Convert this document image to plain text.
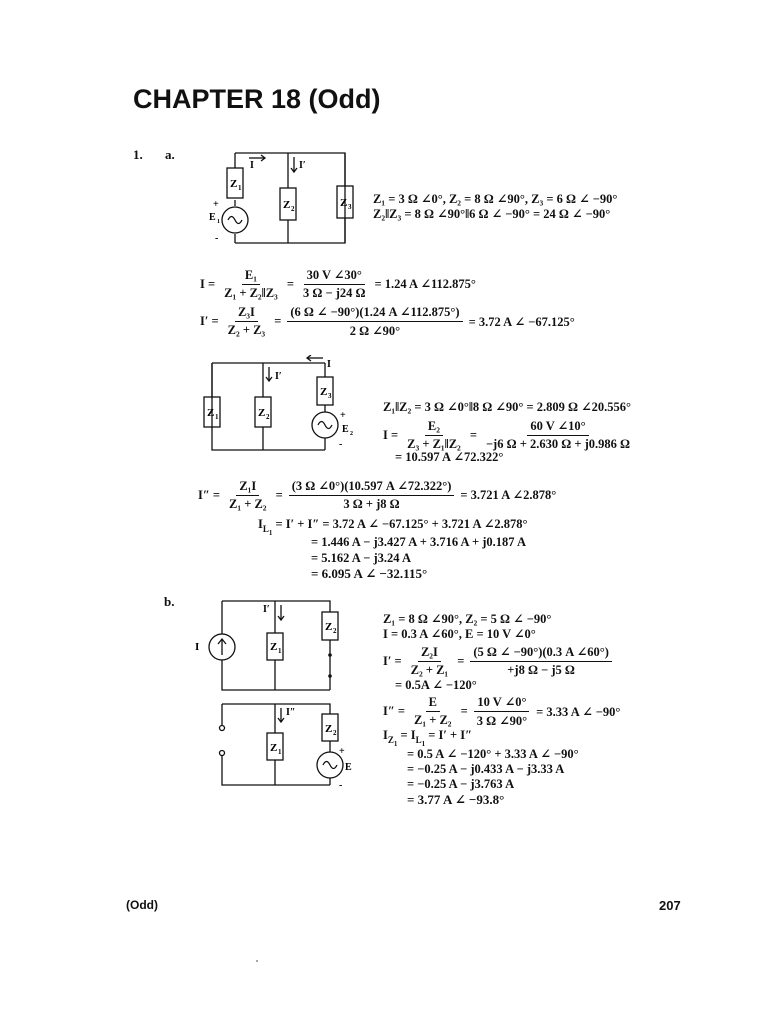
CHAPTER 18 (Odd)
1. a.
Z 1
Z 2	Z 3
I	I′
E 1
+
-
Z₁ = 3 Ω ∠0°, Z₂ = 8 Ω ∠90°, Z₃ = 6 Ω ∠ −90°
Z₂‖Z₃ = 8 Ω ∠90°‖6 Ω ∠ −90° = 24 Ω ∠ −90°
$I = \frac{\text{E₁}}{\text{Z₁ + Z₂‖Z₃}} = \frac{30 V \angle 30^\circ}{3 \Omega - j24 \Omega} = 1.24$ A ∠112.875°
$I' = \frac{\text{Z₃I}}{\text{Z₂ + Z₃}} = \frac{(6 \Omega \angle -90^\circ)(1.24 A \angle 112.875^\circ)}{2 \Omega \angle 90^\circ} = 3.72$ A ∠ −67.125°
Z 1	Z 2
Z 3
I′
I
E 2
+
-
Z₁‖Z₂ = 3 Ω ∠0°‖8 Ω ∠90° = 2.809 Ω ∠20.556°
$I = \frac{\text{E₂}}{\text{Z₃ + Z₁‖Z₂}} = \frac{60 V \angle 10^\circ}{-j6 \Omega + 2.630 \Omega + j0.986 \Omega}$
= 10.597 A ∠72.322°
$I'' = \frac{\text{Z₁I}}{\text{Z₁ + Z₂}} = \frac{(3 \Omega \angle 0^\circ)(10.597 A \angle 72.322^\circ)}{3 \Omega + j8 \Omega} = 3.721$ A ∠2.878°
$I_{L_1} = I' + I'' = 3.72$ A ∠ −67.125° + 3.721 A ∠2.878°
= 1.446 A − j3.427 A + 3.716 A + j0.187 A
= 5.162 A − j3.24 A
= 6.095 A ∠ −32.115°
b.
I
I′
Z 1
Z 2
I″
Z 1
Z 2
E
+
-
Z₁ = 8 Ω ∠90°, Z₂ = 5 Ω ∠ −90°
I = 0.3 A ∠60°, E = 10 V ∠0°
$I' = \frac{\text{Z₂I}}{\text{Z₂ + Z₁}} = \frac{(5 \Omega \angle -90^\circ)(0.3 A \angle 60^\circ)}{+j8 \Omega - j5 \Omega}$
= 0.5A ∠ −120°
$I'' = \frac{E}{\text{Z₁ + Z₂}} = \frac{10 V \angle 0^\circ}{3 \Omega \angle 90^\circ} = 3.33$ A ∠ −90°
$I_{Z_1} = I_{L_1} = I' + I''$
= 0.5 A ∠ −120° + 3.33 A ∠ −90°
= −0.25 A − j0.433 A − j3.33 A
= −0.25 A − j3.763 A
= 3.77 A ∠ −93.8°
(Odd)	207
